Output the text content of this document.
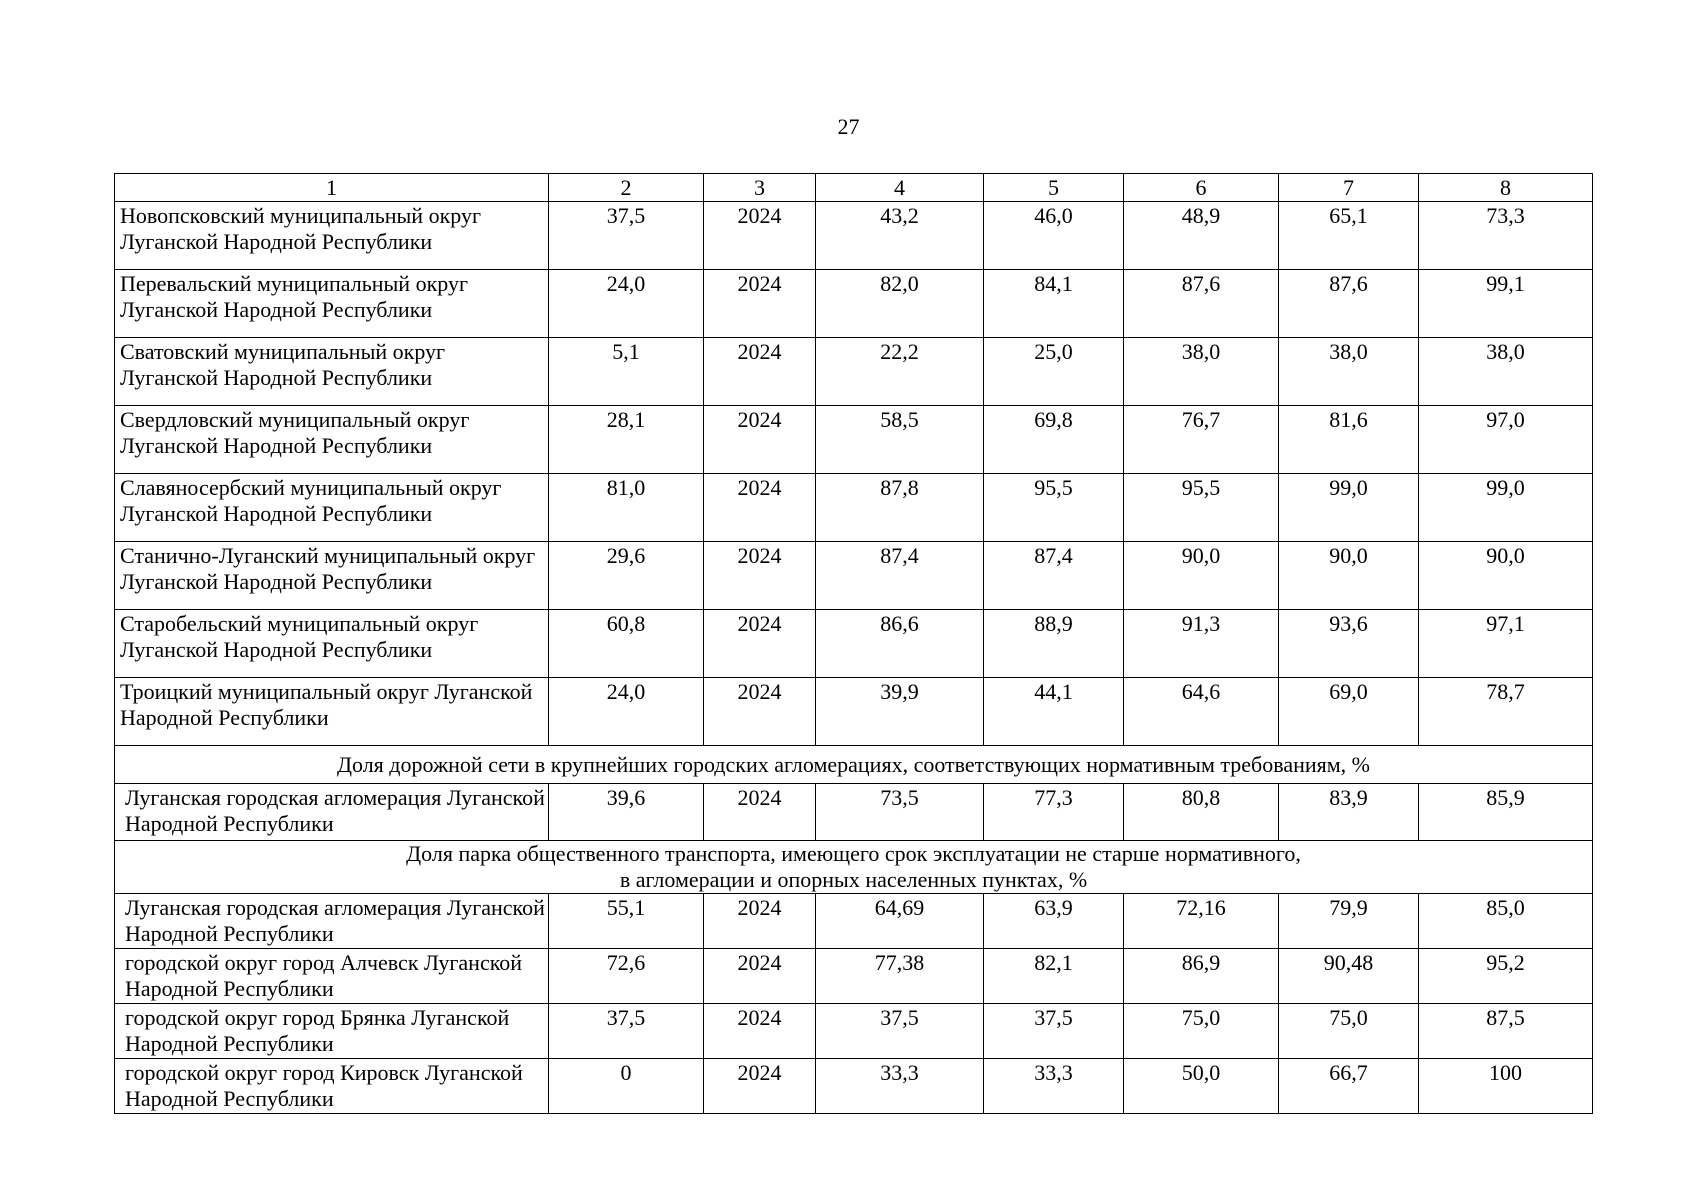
27
1	2	3	4	5	6	7	8
Новопсковский муниципальный округ Луганской Народной Республики	37,5	2024	43,2	46,0	48,9	65,1	73,3
Перевальский муниципальный округ Луганской Народной Республики	24,0	2024	82,0	84,1	87,6	87,6	99,1
Сватовский муниципальный округ Луганской Народной Республики	5,1	2024	22,2	25,0	38,0	38,0	38,0
Свердловский муниципальный округ Луганской Народной Республики	28,1	2024	58,5	69,8	76,7	81,6	97,0
Славяносербский муниципальный округ Луганской Народной Республики	81,0	2024	87,8	95,5	95,5	99,0	99,0
Станично-Луганский муниципальный округ Луганской Народной Республики	29,6	2024	87,4	87,4	90,0	90,0	90,0
Старобельский муниципальный округ Луганской Народной Республики	60,8	2024	86,6	88,9	91,3	93,6	97,1
Троицкий муниципальный округ Луганской Народной Республики	24,0	2024	39,9	44,1	64,6	69,0	78,7

Доля дорожной сети в крупнейших городских агломерациях, соответствующих нормативным требованиям, %							

Луганская городская агломерация Луганской Народной Республики	39,6	2024	73,5	77,3	80,8	83,9	85,9

Доля парка общественного транспорта, имеющего срок эксплуатации не старше нормативного,
в агломерации и опорных населенных пунктах, %							

Луганская городская агломерация Луганской Народной Республики	55,1	2024	64,69	63,9	72,16	79,9	85,0
городской округ город Алчевск Луганской Народной Республики	72,6	2024	77,38	82,1	86,9	90,48	95,2
городской округ город Брянка Луганской Народной Республики	37,5	2024	37,5	37,5	75,0	75,0	87,5
городской округ город Кировск Луганской Народной Республики	0	2024	33,3	33,3	50,0	66,7	100
